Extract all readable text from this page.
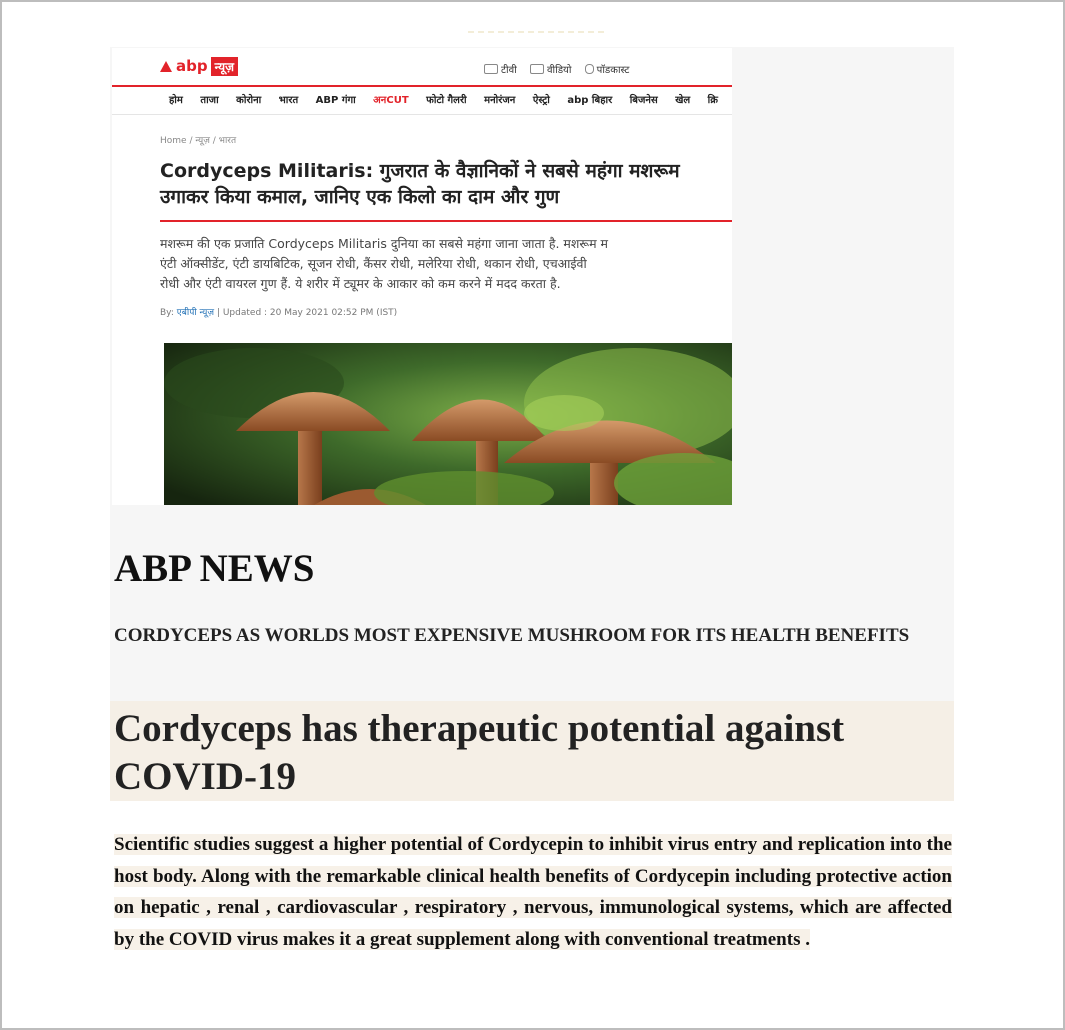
abp न्यूज़	टीवी	वीडियो	पॉडकास्ट
होम ताजा कोरोना भारत ABP गंगा अनCUT फोटो गैलरी मनोरंजन ऐस्ट्रो abp बिहार बिजनेस खेल क्रि
Home / न्यूज़ / भारत
Cordyceps Militaris: गुजरात के वैज्ञानिकों ने सबसे महंगा मशरूम उगाकर किया कमाल, जानिए एक किलो का दाम और गुण

मशरूम की एक प्रजाति Cordyceps Militaris दुनिया का सबसे महंगा जाना जाता है. मशरूम म
एंटी ऑक्सीडेंट, एंटी डायबिटिक, सूजन रोधी, कैंसर रोधी, मलेरिया रोधी, थकान रोधी, एचआईवी
रोधी और एंटी वायरल गुण हैं. ये शरीर में ट्यूमर के आकार को कम करने में मदद करता है.

By: एबीपी न्यूज़ | Updated : 20 May 2021 02:52 PM (IST)
ABP NEWS
CORDYCEPS AS WORLDS MOST EXPENSIVE MUSHROOM FOR ITS HEALTH BENEFITS
Cordyceps has therapeutic potential against COVID-19

Scientific studies suggest a higher potential of Cordycepin to inhibit virus entry and replication into the host body. Along with the remarkable clinical health benefits of Cordycepin including protective action on hepatic , renal , cardiovascular , respiratory , nervous, immunological systems, which are affected by the COVID virus makes it a great supplement along with conventional treatments .
